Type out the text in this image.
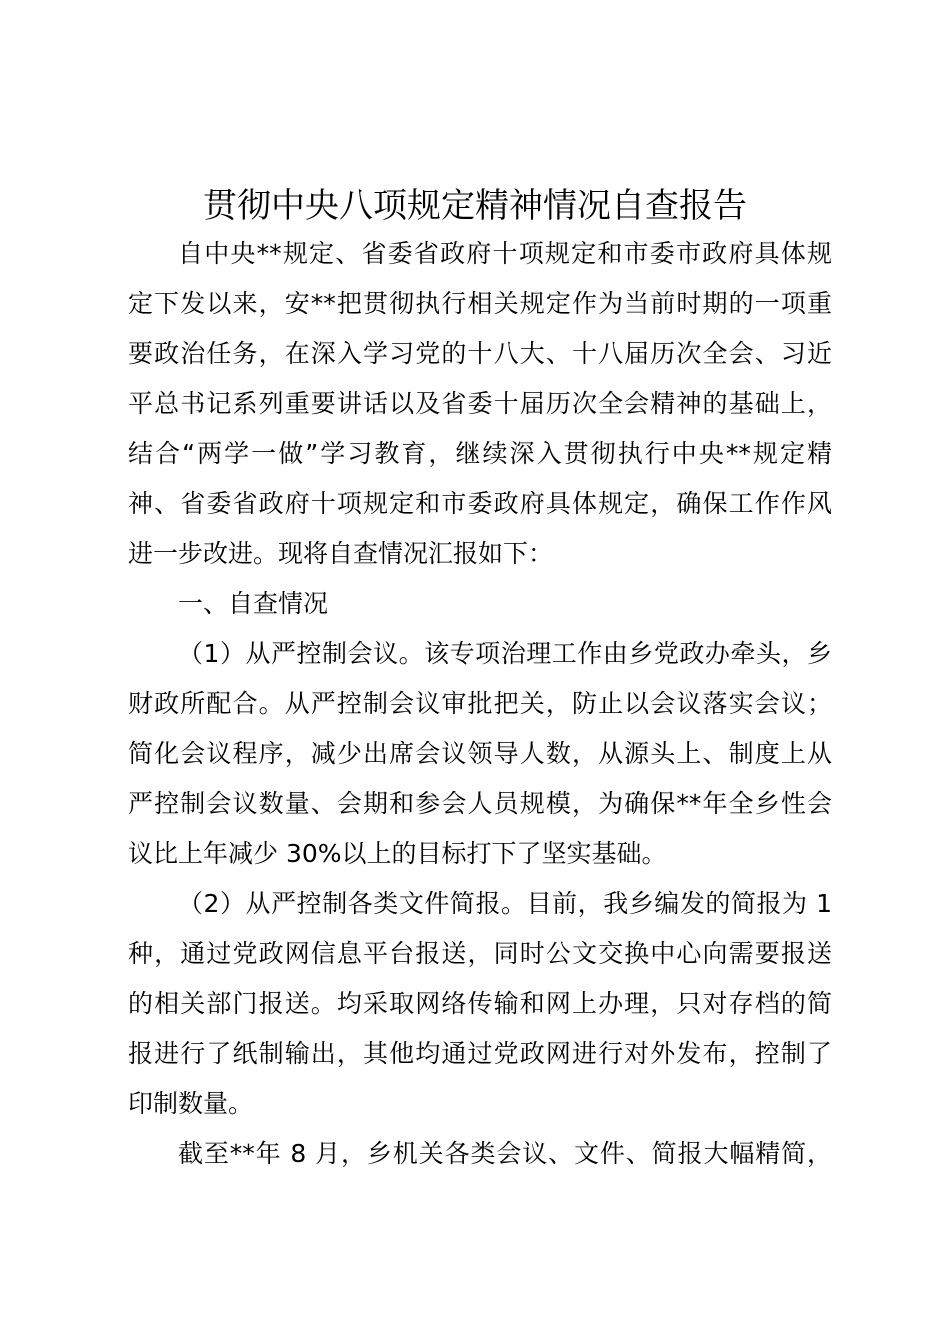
贯彻中央八项规定精神情况自查报告

自中央**规定、省委省政府十项规定和市委市政府具体规

定下发以来，安**把贯彻执行相关规定作为当前时期的一项重

要政治任务，在深入学习党的十八大、十八届历次全会、习近

平总书记系列重要讲话以及省委十届历次全会精神的基础上，

结合“两学一做”学习教育，继续深入贯彻执行中央**规定精

神、省委省政府十项规定和市委政府具体规定，确保工作作风

进一步改进。现将自查情况汇报如下：

一、自查情况

（1）从严控制会议。该专项治理工作由乡党政办牵头，乡

财政所配合。从严控制会议审批把关，防止以会议落实会议；

简化会议程序，减少出席会议领导人数，从源头上、制度上从

严控制会议数量、会期和参会人员规模，为确保**年全乡性会

议比上年减少 30%以上的目标打下了坚实基础。

（2）从严控制各类文件简报。目前，我乡编发的简报为 1

种，通过党政网信息平台报送，同时公文交换中心向需要报送

的相关部门报送。均采取网络传输和网上办理，只对存档的简

报进行了纸制输出，其他均通过党政网进行对外发布，控制了

印制数量。

截至**年 8 月，乡机关各类会议、文件、简报大幅精简，
